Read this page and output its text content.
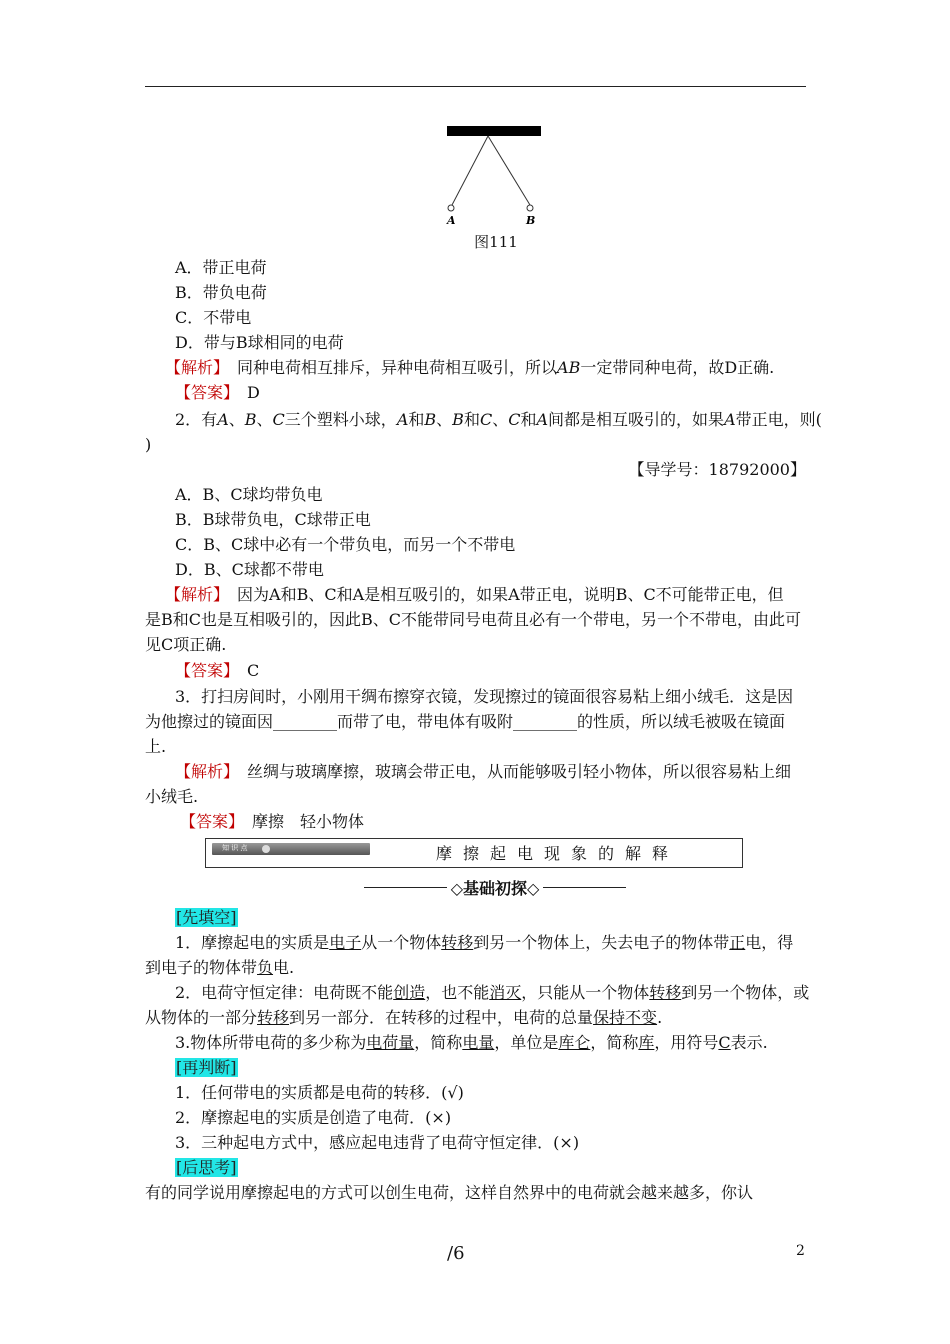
A	B
图111
A．带正电荷
B．带负电荷
C．不带电
D．带与B球相同的电荷
【解析】　同种电荷相互排斥，异种电荷相互吸引，所以AB一定带同种电荷，故D正确.
【答案】　D
2．有A、B、C三个塑料小球，A和B、B和C、C和A间都是相互吸引的，如果A带正电，则(
)
【导学号：18792000】
A．B、C球均带负电
B．B球带负电，C球带正电
C．B、C球中必有一个带负电，而另一个不带电
D．B、C球都不带电
【解析】　因为A和B、C和A是相互吸引的，如果A带正电，说明B、C不可能带正电，但
是B和C也是互相吸引的，因此B、C不能带同号电荷且必有一个带电，另一个不带电，由此可
见C项正确.
【答案】　C
3．打扫房间时，小刚用干绸布擦穿衣镜，发现擦过的镜面很容易粘上细小绒毛．这是因
为他擦过的镜面因________而带了电，带电体有吸附________的性质，所以绒毛被吸在镜面
上.
【解析】　丝绸与玻璃摩擦，玻璃会带正电，从而能够吸引轻小物体，所以很容易粘上细
小绒毛.
【答案】　摩擦　轻小物体
知 识 点	摩擦起电现象的解释
◇基础初探◇
[先填空]
1．摩擦起电的实质是电子从一个物体转移到另一个物体上，失去电子的物体带正电，得
到电子的物体带负电.
2．电荷守恒定律：电荷既不能创造，也不能消灭，只能从一个物体转移到另一个物体，或
从物体的一部分转移到另一部分．在转移的过程中，电荷的总量保持不变.
3.物体所带电荷的多少称为电荷量，简称电量，单位是库仑，简称库，用符号C表示.
[再判断]
1．任何带电的实质都是电荷的转移．(√)
2．摩擦起电的实质是创造了电荷．(×)
3．三种起电方式中，感应起电违背了电荷守恒定律．(×)
[后思考]
有的同学说用摩擦起电的方式可以创生电荷，这样自然界中的电荷就会越来越多，你认
/6	2
